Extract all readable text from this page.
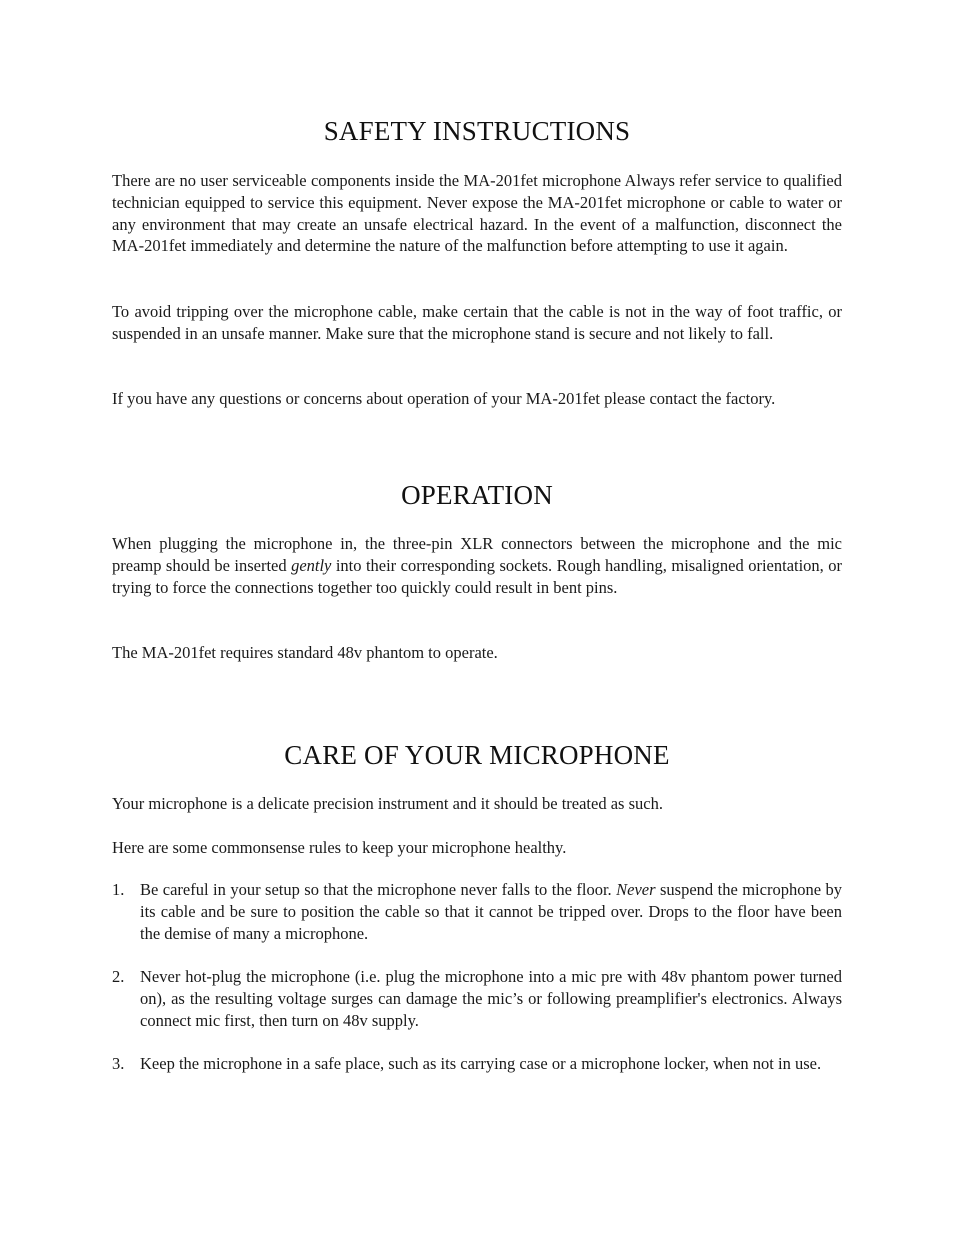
SAFETY INSTRUCTIONS

There are no user serviceable components inside the MA-201fet microphone Always refer service to qualified technician equipped to service this equipment. Never expose the MA-201fet microphone or cable to water or any environment that may create an unsafe electrical hazard. In the event of a malfunction, disconnect the MA-201fet immediately and determine the nature of the malfunction before attempting to use it again.

To avoid tripping over the microphone cable, make certain that the cable is not in the way of foot traffic, or suspended in an unsafe manner. Make sure that the microphone stand is secure and not likely to fall.

If you have any questions or concerns about operation of your MA-201fet please contact the factory.

OPERATION

When plugging the microphone in, the three-pin XLR connectors between the microphone and the mic preamp should be inserted gently into their corresponding sockets. Rough handling, misaligned orientation, or trying to force the connections together too quickly could result in bent pins.

The MA-201fet requires standard 48v phantom to operate.

CARE OF YOUR MICROPHONE

Your microphone is a delicate precision instrument and it should be treated as such.

Here are some commonsense rules to keep your microphone healthy.

1. Be careful in your setup so that the microphone never falls to the floor. Never suspend the microphone by its cable and be sure to position the cable so that it cannot be tripped over. Drops to the floor have been the demise of many a microphone.

2. Never hot-plug the microphone (i.e. plug the microphone into a mic pre with 48v phantom power turned on), as the resulting voltage surges can damage the mic’s or following preamplifier's electronics. Always connect mic first, then turn on 48v supply.

3. Keep the microphone in a safe place, such as its carrying case or a microphone locker, when not in use.
